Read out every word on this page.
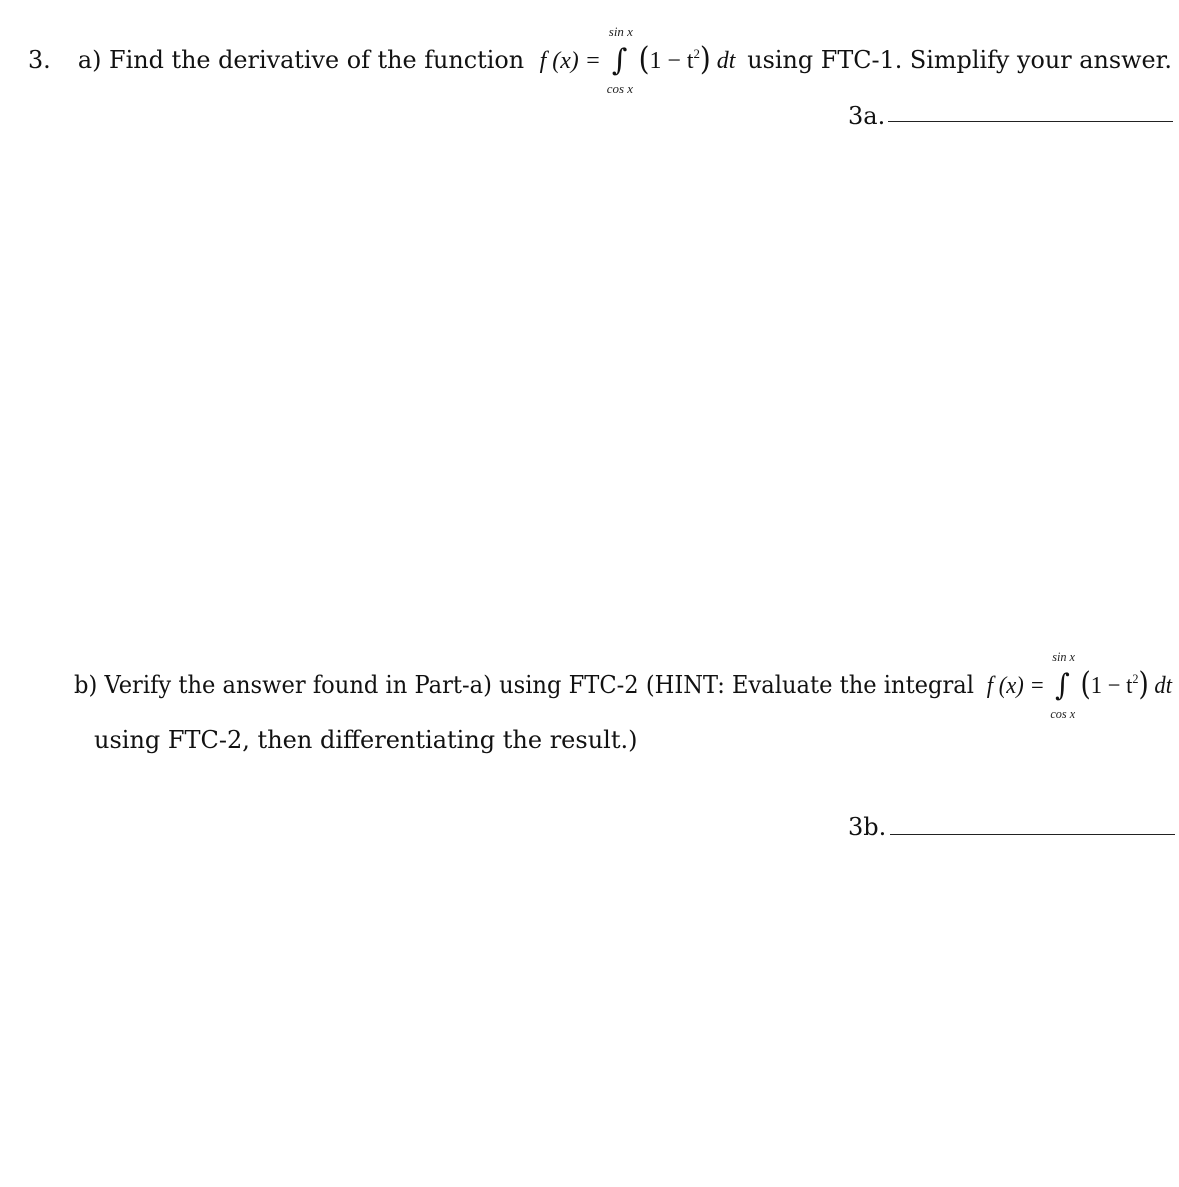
3. a) Find the derivative of the function f (x) =
sin x
∫
cos x
$(1 - t^2)$ dt using FTC-1. Simplify your answer.
3a.
b) Verify the answer found in Part-a) using FTC-2 (HINT: Evaluate the integral f (x) =
sin x
∫
cos x
$(1 - t^2)$ dt
using FTC-2, then differentiating the result.)
3b.
